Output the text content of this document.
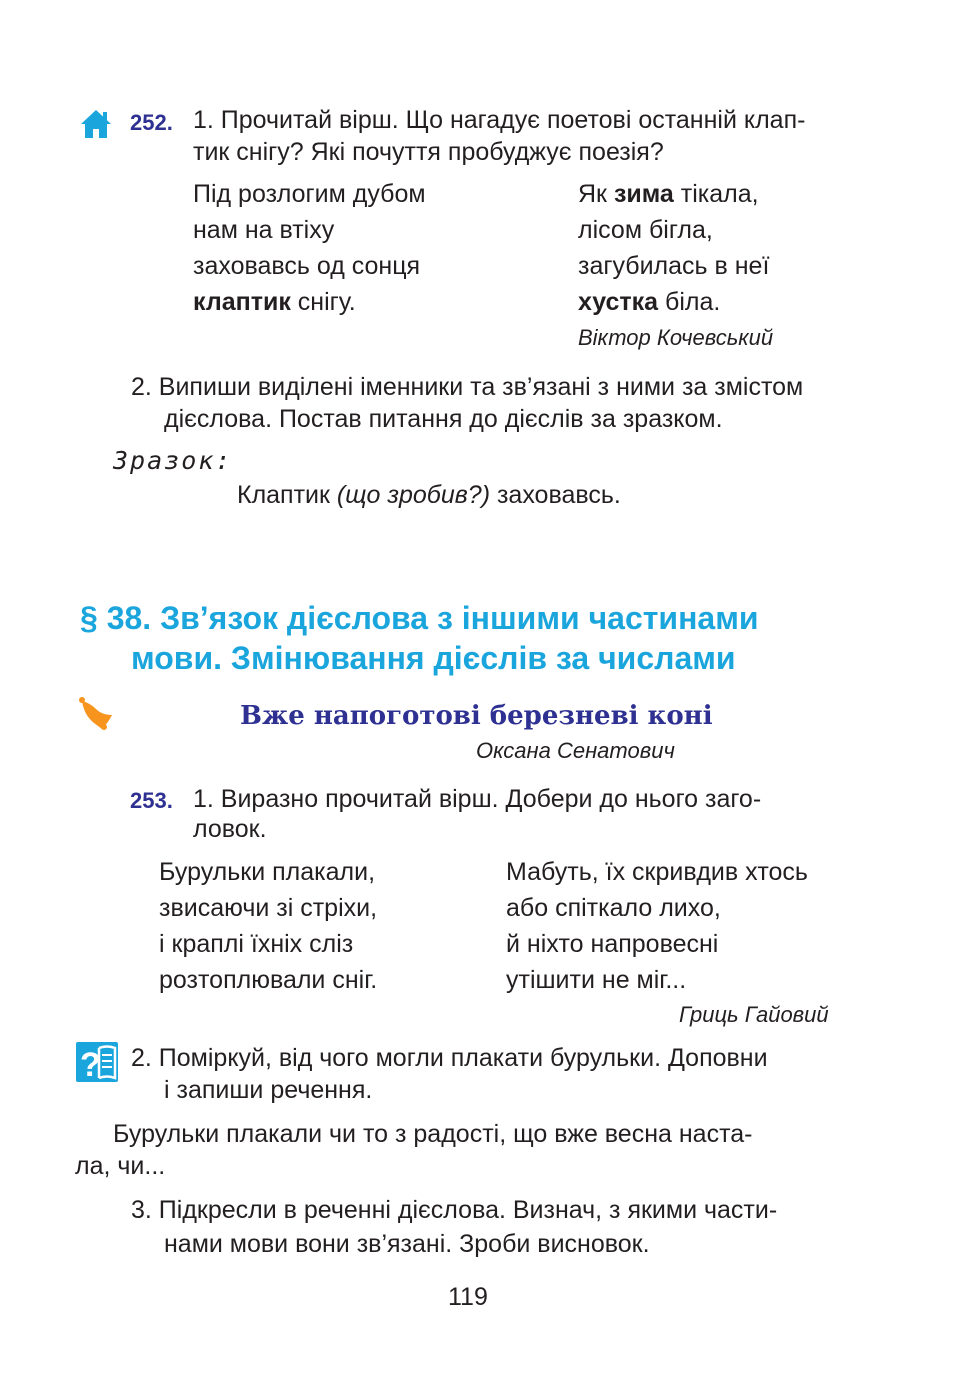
252. 1. Прочитай вірш. Що нагадує поетові останній клап-
тик снігу? Які почуття пробуджує поезія?
Під розлогим дубом
нам на втіху
заховавсь од сонця
клаптик снігу.
Як зима тікала,
лісом бігла,
загубилась в неї
хустка біла.
Віктор Кочевський
2. Випиши виділені іменники та зв’язані з ними за змістом
дієслова. Постав питання до дієслів за зразком.
Зразок:
Клаптик (що зробив?) заховавсь.
§ 38. Зв’язок дієслова з іншими частинами
мови. Змінювання дієслів за числами
Вже напоготові березневі коні
Оксана Сенатович
253. 1. Виразно прочитай вірш. Добери до нього заго-
ловок.
Бурульки плакали,
звисаючи зі стріхи,
і краплі їхніх сліз
розтоплювали сніг.
Мабуть, їх скривдив хтось
або спіткало лихо,
й ніхто напровесні
утішити не міг...
Гриць Гайовий
? 2. Поміркуй, від чого могли плакати бурульки. Доповни
і запиши речення.
Бурульки плакали чи то з радості, що вже весна наста-
ла, чи...
3. Підкресли в реченні дієслова. Визнач, з якими части-
нами мови вони зв’язані. Зроби висновок.
119
